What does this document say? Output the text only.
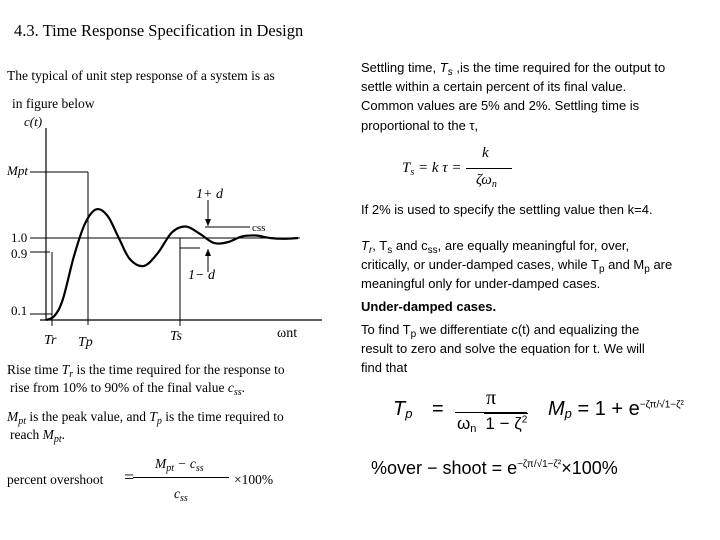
4.3. Time Response Specification in Design
The typical of unit step response of a system is as
in figure below
c(t)
Mpt
1.0
0.9
0.1
1+ d
1− d
css
Tr Tp	Ts	ωnt
Rise time $T_r$ is the time required for the response to
rise from 10% to 90% of the final value $c_{ss}$.
$M_{pt}$ is the peak value, and $T_p$ is the time required to
reach $M_{pt}$.
percent overshoot =
$M_{pt} - c_{ss}$
$c_{ss}$
×100%
Settling time, $T_s$ ,is the time required for the output to
settle within a certain percent of its final value.
Common values are 5% and 2%. Settling time is
proportional to the τ,
$T_s = k$ τ =
k
$\zeta\omega_n$
If 2% is used to specify the settling value then k=4.
$T_r$, $T_s$ and $c_{ss}$, are equally meaningful for, over,
critically, or under-damped cases, while $T_p$ and $M_p$ are
meaningful only for under-damped cases.
Under-damped cases.
To find $T_p$ we differentiate c(t) and equalizing the
result to zero and solve the equation for t. We will
find that
$T_p = \pi$
$\omega_n$ $1 - \zeta^2$ $M_p = 1 + e^{-\zeta\pi/√1-\zeta^2}$
%over − shoot = $e^{-\zeta\pi/√1-\zeta^2}\times 100\%$
